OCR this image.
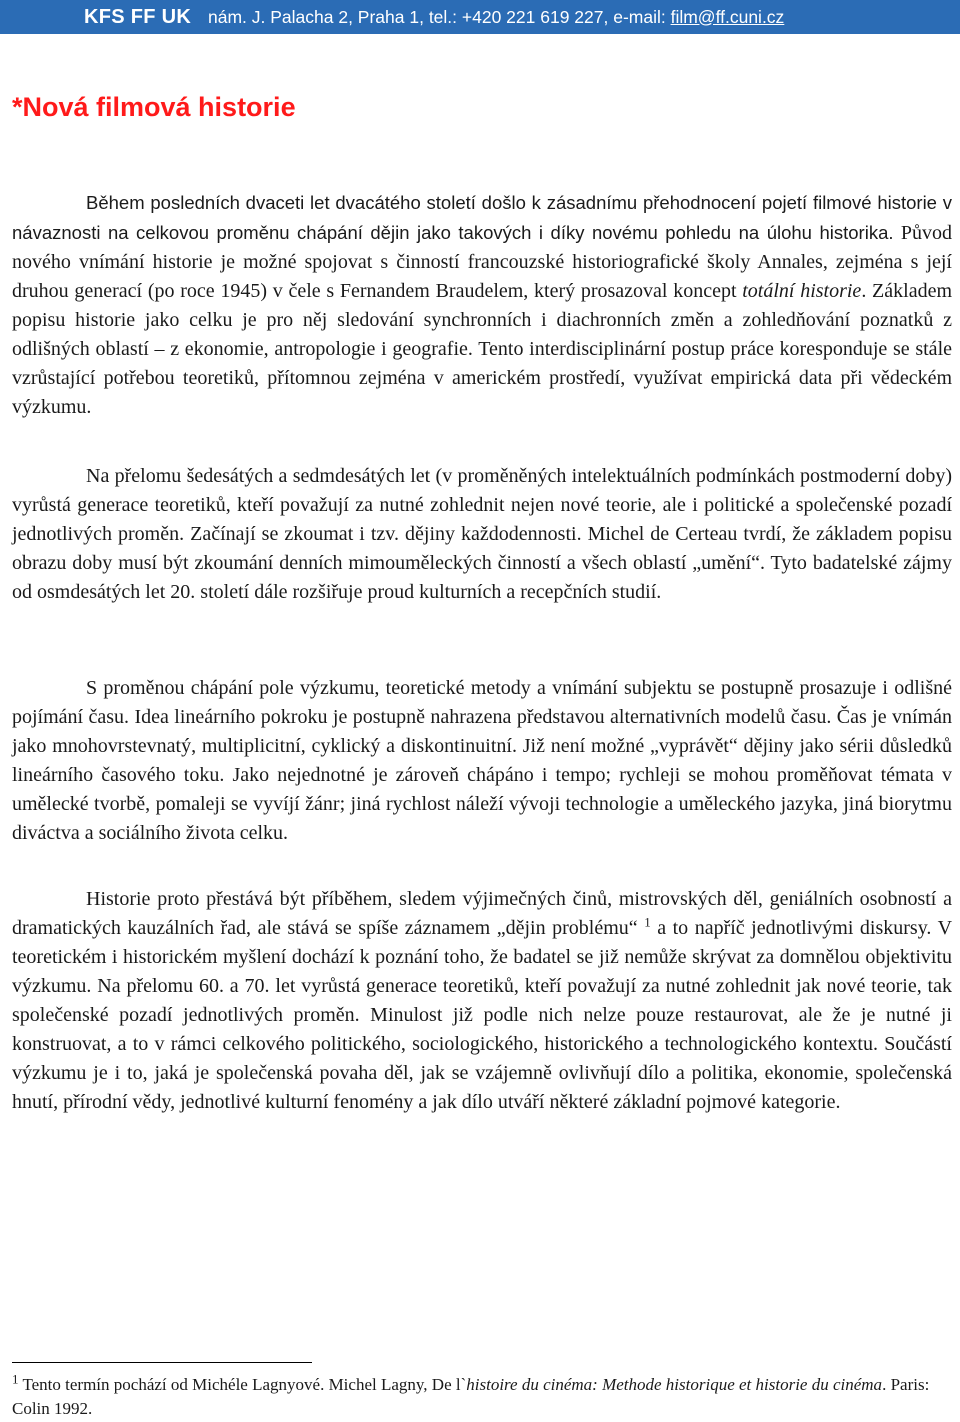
KFS FF UK nám. J. Palacha 2, Praha 1, tel.: +420 221 619 227, e-mail: film@ff.cuni.cz
*Nová filmová historie

Během posledních dvaceti let dvacátého století došlo k zásadnímu přehodnocení pojetí filmové historie v návaznosti na celkovou proměnu chápání dějin jako takových i díky novému pohledu na úlohu historika. Původ nového vnímání historie je možné spojovat s činností francouzské historiografické školy Annales, zejména s její druhou generací (po roce 1945) v čele s Fernandem Braudelem, který prosazoval koncept totální historie. Základem popisu historie jako celku je pro něj sledování synchronních i diachronních změn a zohledňování poznatků z odlišných oblastí – z ekonomie, antropologie i geografie. Tento interdisciplinární postup práce koresponduje se stále vzrůstající potřebou teoretiků, přítomnou zejména v americkém prostředí, využívat empirická data při vědeckém výzkumu.

Na přelomu šedesátých a sedmdesátých let (v proměněných intelektuálních podmínkách postmoderní doby) vyrůstá generace teoretiků, kteří považují za nutné zohlednit nejen nové teorie, ale i politické a společenské pozadí jednotlivých proměn. Začínají se zkoumat i tzv. dějiny každodennosti. Michel de Certeau tvrdí, že základem popisu obrazu doby musí být zkoumání denních mimouměleckých činností a všech oblastí „umění“. Tyto badatelské zájmy od osmdesátých let 20. století dále rozšiřuje proud kulturních a recepčních studií.

S proměnou chápání pole výzkumu, teoretické metody a vnímání subjektu se postupně prosazuje i odlišné pojímání času. Idea lineárního pokroku je postupně nahrazena představou alternativních modelů času. Čas je vnímán jako mnohovrstevnatý, multiplicitní, cyklický a diskontinuitní. Již není možné „vyprávět“ dějiny jako sérii důsledků lineárního časového toku. Jako nejednotné je zároveň chápáno i tempo; rychleji se mohou proměňovat témata v umělecké tvorbě, pomaleji se vyvíjí žánr; jiná rychlost náleží vývoji technologie a uměleckého jazyka, jiná biorytmu diváctva a sociálního života celku.

Historie proto přestává být příběhem, sledem výjimečných činů, mistrovských děl, geniálních osobností a dramatických kauzálních řad, ale stává se spíše záznamem „dějin problému“ $^1$ a to napříč jednotlivými diskursy. V teoretickém i historickém myšlení dochází k poznání toho, že badatel se již nemůže skrývat za domnělou objektivitu výzkumu. Na přelomu 60. a 70. let vyrůstá generace teoretiků, kteří považují za nutné zohlednit jak nové teorie, tak společenské pozadí jednotlivých proměn. Minulost již podle nich nelze pouze restaurovat, ale že je nutné ji konstruovat, a to v rámci celkového politického, sociologického, historického a technologického kontextu. Součástí výzkumu je i to, jaká je společenská povaha děl, jak se vzájemně ovlivňují dílo a politika, ekonomie, společenská hnutí, přírodní vědy, jednotlivé kulturní fenomény a jak dílo utváří některé základní pojmové kategorie.

$^1$ Tento termín pochází od Michéle Lagnyové. Michel Lagny, De l`histoire du cinéma: Methode historique et historie du cinéma. Paris: Colin 1992.
